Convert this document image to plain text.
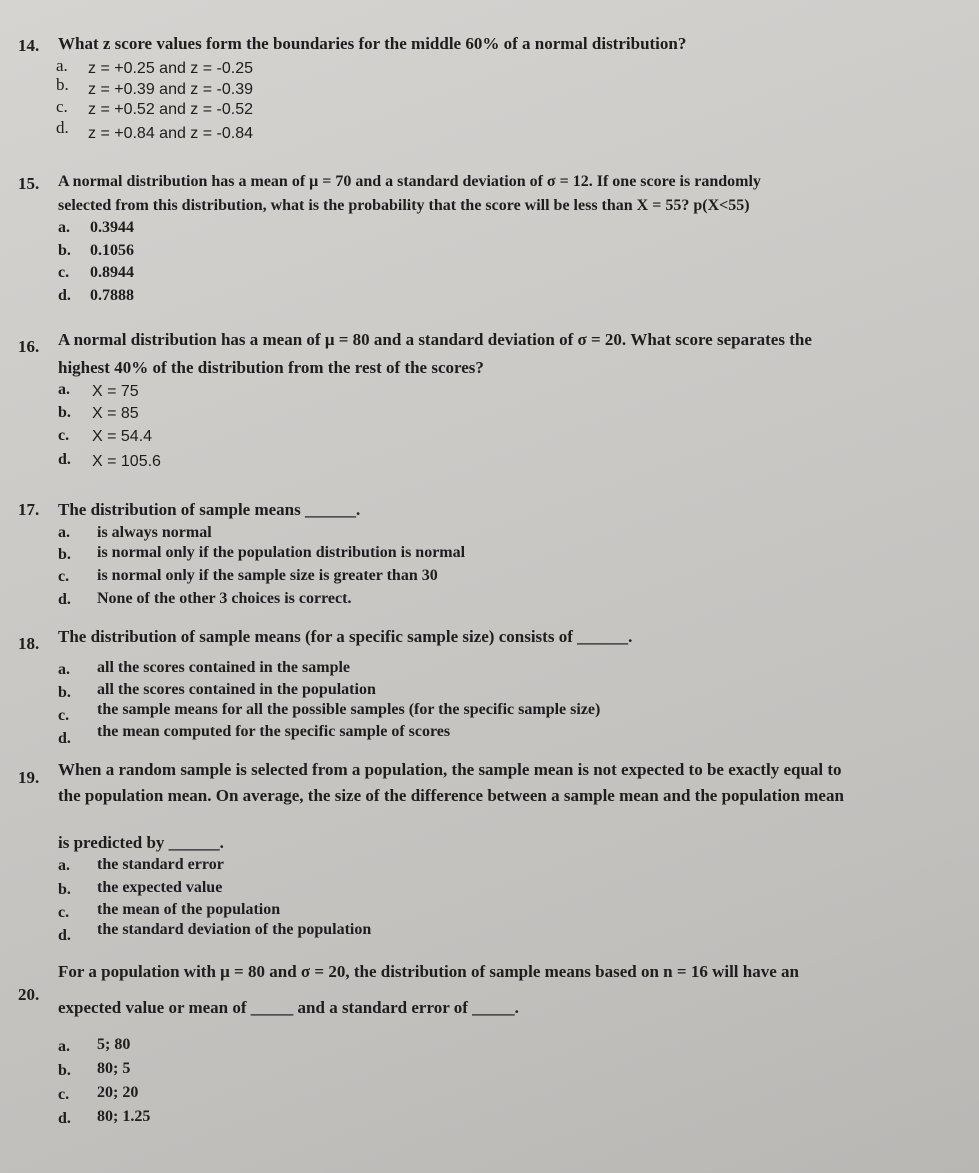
14. What z score values form the boundaries for the middle 60% of a normal distribution?
a. z = +0.25 and z = -0.25
b. z = +0.39 and z = -0.39
c. z = +0.52 and z = -0.52
d. z = +0.84 and z = -0.84
15. A normal distribution has a mean of μ = 70 and a standard deviation of σ = 12. If one score is randomly
selected from this distribution, what is the probability that the score will be less than X = 55? p(X<55)
a. 0.3944
b. 0.1056
c. 0.8944
d. 0.7888
16. A normal distribution has a mean of μ = 80 and a standard deviation of σ = 20. What score separates the
highest 40% of the distribution from the rest of the scores?
a. X = 75
b. X = 85
c. X = 54.4
d. X = 105.6
17. The distribution of sample means ______.
a. is always normal
b. is normal only if the population distribution is normal
c. is normal only if the sample size is greater than 30
d. None of the other 3 choices is correct.
18. The distribution of sample means (for a specific sample size) consists of ______.
a. all the scores contained in the sample
b. all the scores contained in the population
c. the sample means for all the possible samples (for the specific sample size)
d. the mean computed for the specific sample of scores
19. When a random sample is selected from a population, the sample mean is not expected to be exactly equal to
the population mean. On average, the size of the difference between a sample mean and the population mean
is predicted by ______.
a. the standard error
b. the expected value
c. the mean of the population
d. the standard deviation of the population
20.
For a population with μ = 80 and σ = 20, the distribution of sample means based on n = 16 will have an
expected value or mean of _____ and a standard error of _____.
a. 5; 80
b. 80; 5
c. 20; 20
d. 80; 1.25
